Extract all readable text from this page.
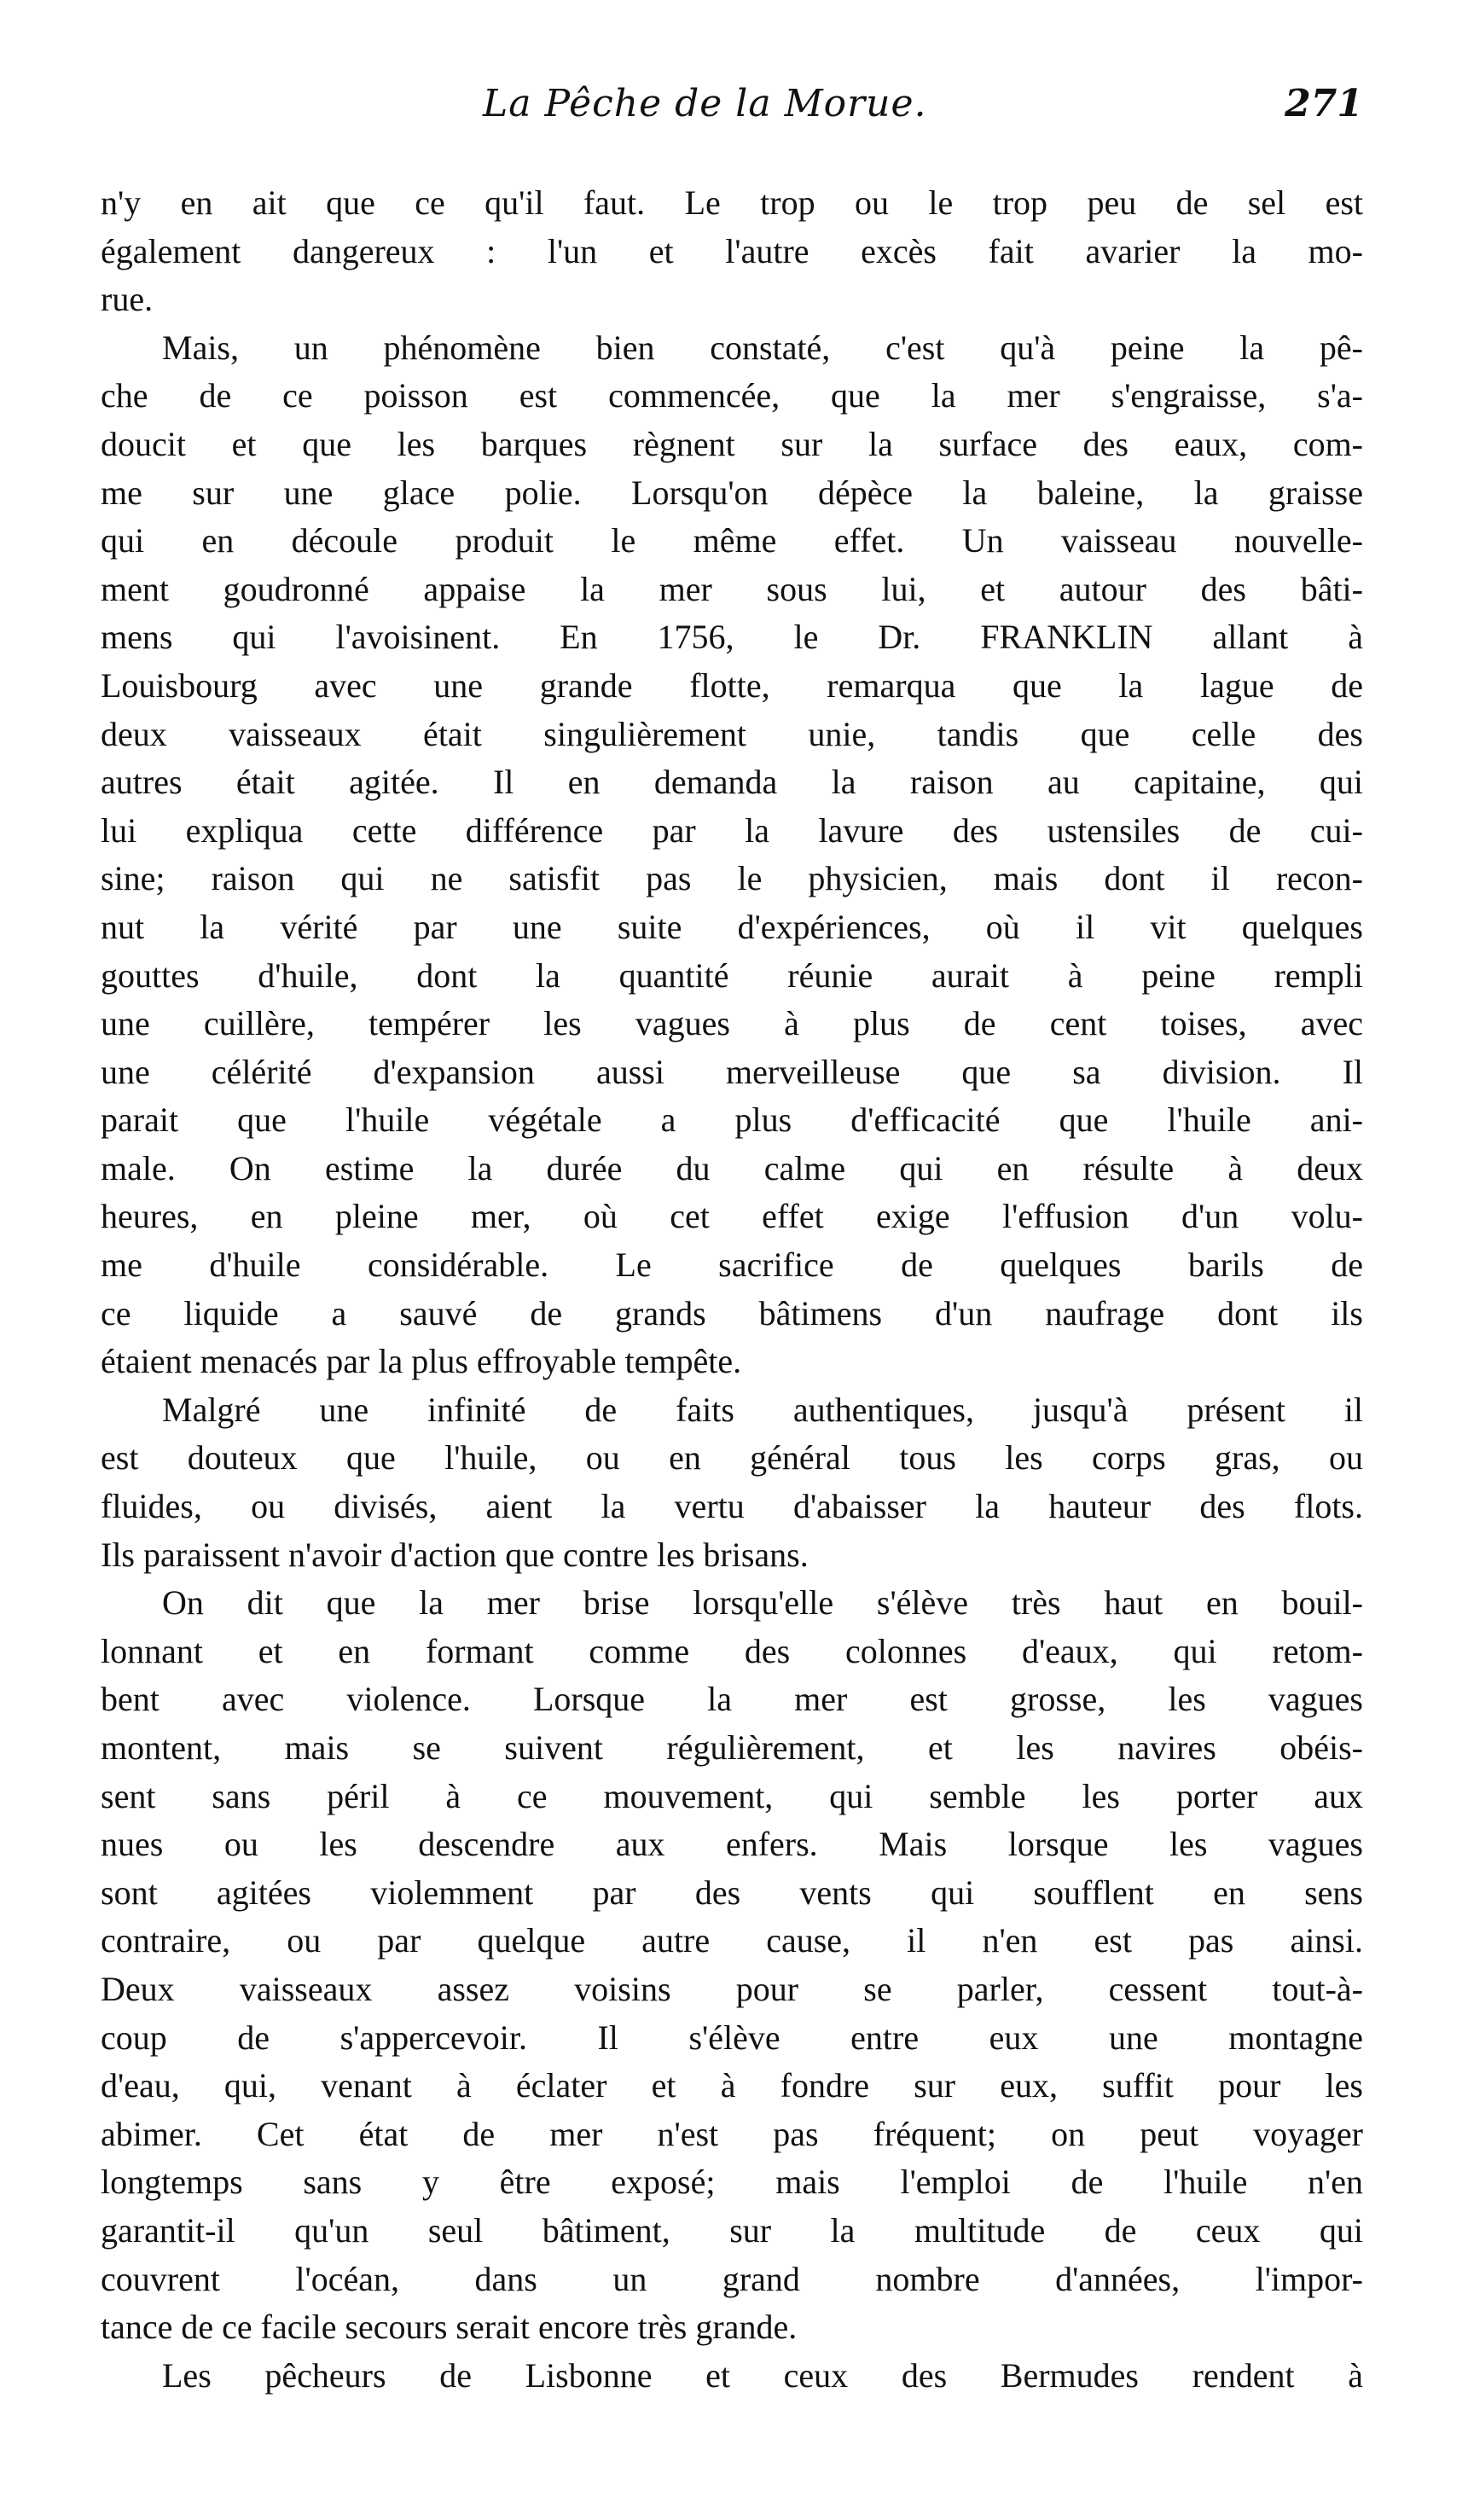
La Pêche de la Morue.	271
n'y en ait que ce qu'il faut. Le trop ou le trop peu de sel est
également dangereux : l'un et l'autre excès fait avarier la mo-
rue.
Mais, un phénomène bien constaté, c'est qu'à peine la pê-
che de ce poisson est commencée, que la mer s'engraisse, s'a-
doucit et que les barques règnent sur la surface des eaux, com-
me sur une glace polie. Lorsqu'on dépèce la baleine, la graisse
qui en découle produit le même effet. Un vaisseau nouvelle-
ment goudronné appaise la mer sous lui, et autour des bâti-
mens qui l'avoisinent. En 1756, le Dr. FRANKLIN allant à
Louisbourg avec une grande flotte, remarqua que la lague de
deux vaisseaux était singulièrement unie, tandis que celle des
autres était agitée. Il en demanda la raison au capitaine, qui
lui expliqua cette différence par la lavure des ustensiles de cui-
sine; raison qui ne satisfit pas le physicien, mais dont il recon-
nut la vérité par une suite d'expériences, où il vit quelques
gouttes d'huile, dont la quantité réunie aurait à peine rempli
une cuillère, tempérer les vagues à plus de cent toises, avec
une célérité d'expansion aussi merveilleuse que sa division. Il
parait que l'huile végétale a plus d'efficacité que l'huile ani-
male. On estime la durée du calme qui en résulte à deux
heures, en pleine mer, où cet effet exige l'effusion d'un volu-
me d'huile considérable. Le sacrifice de quelques barils de
ce liquide a sauvé de grands bâtimens d'un naufrage dont ils
étaient menacés par la plus effroyable tempête.
Malgré une infinité de faits authentiques, jusqu'à présent il
est douteux que l'huile, ou en général tous les corps gras, ou
fluides, ou divisés, aient la vertu d'abaisser la hauteur des flots.
Ils paraissent n'avoir d'action que contre les brisans.
On dit que la mer brise lorsqu'elle s'élève très haut en bouil-
lonnant et en formant comme des colonnes d'eaux, qui retom-
bent avec violence. Lorsque la mer est grosse, les vagues
montent, mais se suivent régulièrement, et les navires obéis-
sent sans péril à ce mouvement, qui semble les porter aux
nues ou les descendre aux enfers. Mais lorsque les vagues
sont agitées violemment par des vents qui soufflent en sens
contraire, ou par quelque autre cause, il n'en est pas ainsi.
Deux vaisseaux assez voisins pour se parler, cessent tout-à-
coup de s'appercevoir. Il s'élève entre eux une montagne
d'eau, qui, venant à éclater et à fondre sur eux, suffit pour les
abimer. Cet état de mer n'est pas fréquent; on peut voyager
longtemps sans y être exposé; mais l'emploi de l'huile n'en
garantit-il qu'un seul bâtiment, sur la multitude de ceux qui
couvrent l'océan, dans un grand nombre d'années, l'impor-
tance de ce facile secours serait encore très grande.
Les pêcheurs de Lisbonne et ceux des Bermudes rendent à
